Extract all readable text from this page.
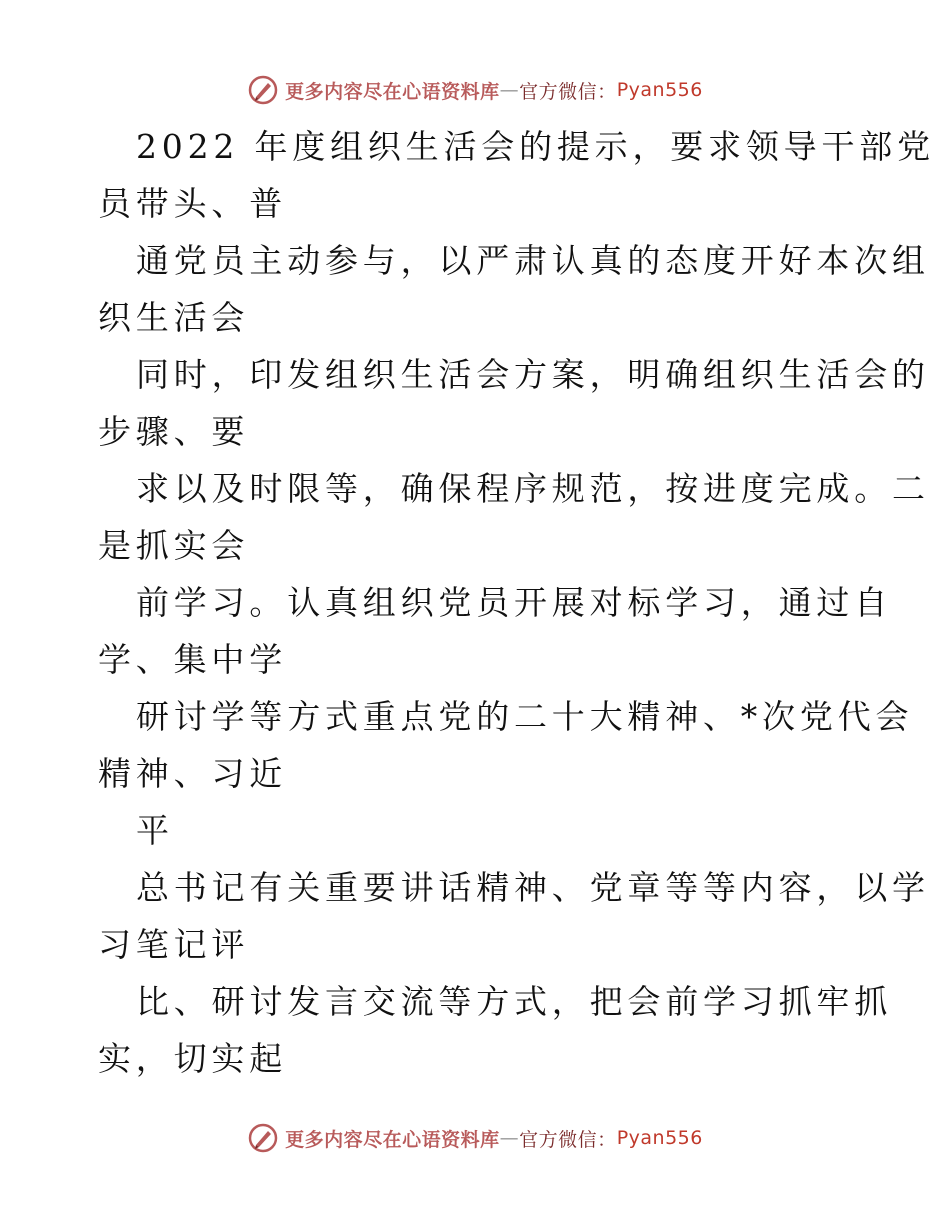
更多内容尽在心语资料库 — 官方微信： Pyan556
2022 年度组织生活会的提示，要求领导干部党
员带头、普
通党员主动参与，以严肃认真的态度开好本次组
织生活会
同时，印发组织生活会方案，明确组织生活会的
步骤、要
求以及时限等，确保程序规范，按进度完成。二
是抓实会
前学习。认真组织党员开展对标学习，通过自
学、集中学
研讨学等方式重点党的二十大精神、*次党代会
精神、习近
平
总书记有关重要讲话精神、党章等等内容，以学
习笔记评
比、研讨发言交流等方式，把会前学习抓牢抓
实，切实起
更多内容尽在心语资料库 — 官方微信： Pyan556
